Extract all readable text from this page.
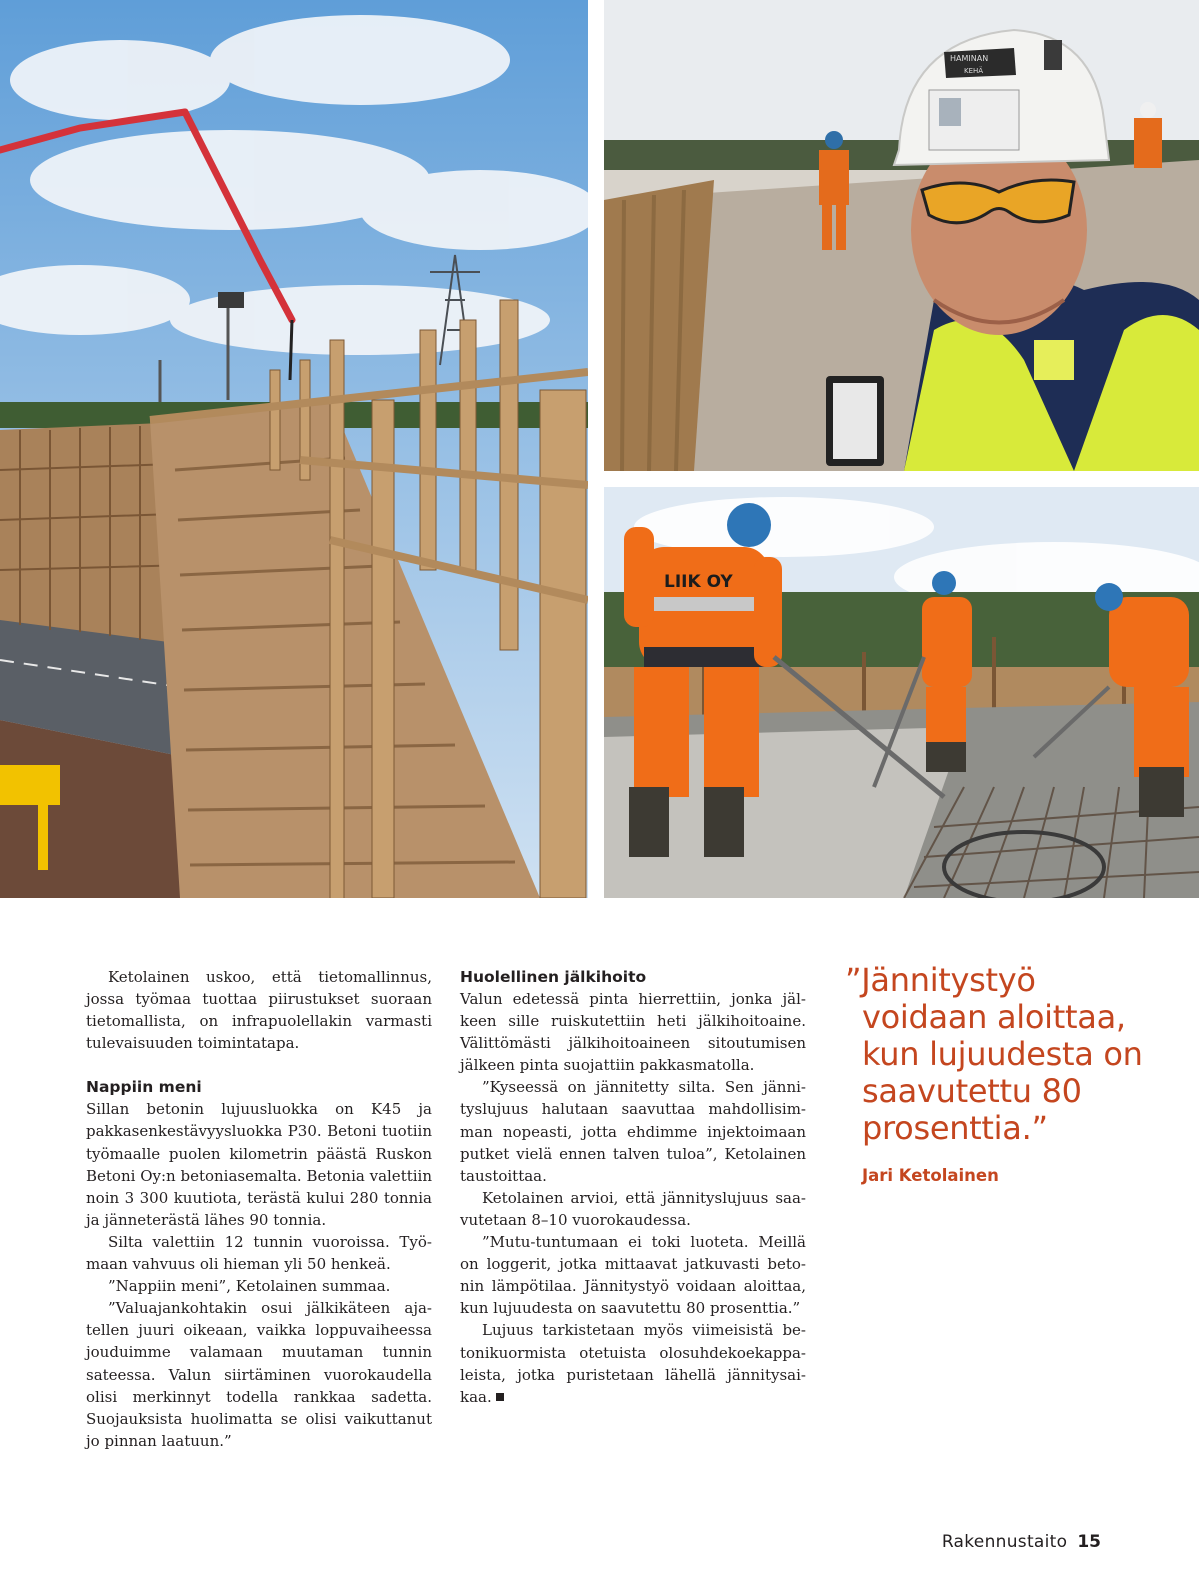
HAMINAN
KEHÄ
LIIK OY

Ketolainen uskoo, että tietomallinnus, jossa työmaa tuottaa piirustukset suoraan tietomallista, on infrapuolellakin varmasti tulevaisuuden toimintatapa.

Nappiin meni

Sillan betonin lujuusluokka on K45 ja pakkasenkestävyysluokka P30. Betoni tuotiin työmaalle puolen kilometrin päästä Ruskon Betoni Oy:n betoniasemalta. Betonia valettiin noin 3 300 kuutiota, terästä kului 280 tonnia ja jänneterästä lähes 90 tonnia.

Silta valettiin 12 tunnin vuoroissa. Työmaan vahvuus oli hieman yli 50 henkeä.

”Nappiin meni”, Ketolainen summaa.

”Valuajankohtakin osui jälkikäteen ajatellen juuri oikeaan, vaikka loppuvaiheessa jouduimme valamaan muutaman tunnin sateessa. Valun siirtäminen vuorokaudella olisi merkinnyt todella rankkaa sadetta. Suojauksista huolimatta se olisi vaikuttanut jo pinnan laatuun.”

Huolellinen jälkihoito

Valun edetessä pinta hierrettiin, jonka jälkeen sille ruiskutettiin heti jälkihoitoaine. Välittömästi jälkihoitoaineen sitoutumisen jälkeen pinta suojattiin pakkasmatolla.

”Kyseessä on jännitetty silta. Sen jännityslujuus halutaan saavuttaa mahdollisimman nopeasti, jotta ehdimme injektoimaan putket vielä ennen talven tuloa”, Ketolainen taustoittaa.

Ketolainen arvioi, että jännityslujuus saavutetaan 8–10 vuorokaudessa.

”Mutu-tuntumaan ei toki luoteta. Meillä on loggerit, jotka mittaavat jatkuvasti betonin lämpötilaa. Jännitystyö voidaan aloittaa, kun lujuudesta on saavutettu 80 prosenttia.”

Lujuus tarkistetaan myös viimeisistä betonikuormista otetuista olosuhdekoekappaleista, jotka puristetaan lähellä jännitysaikaa.

”Jännitystyö voidaan aloittaa, kun lujuudesta on saavutettu 80 prosenttia.”

Jari Ketolainen
Rakennustaito 15
